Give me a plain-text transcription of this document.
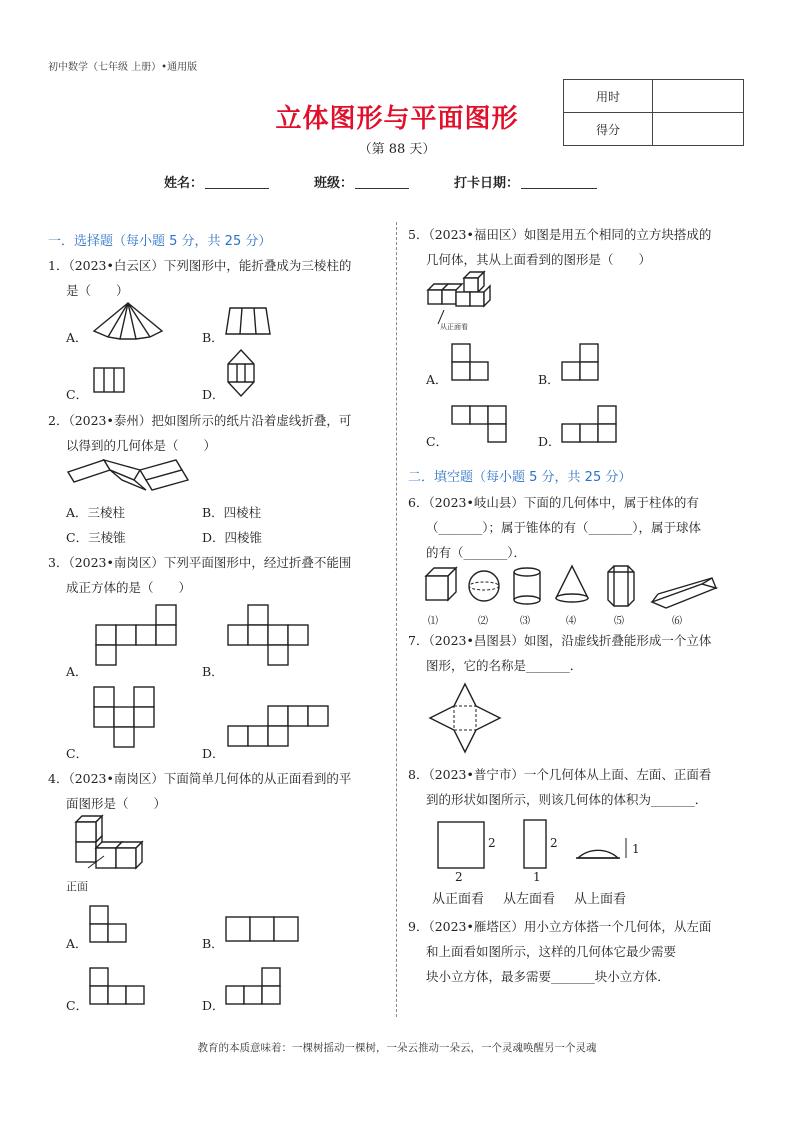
初中数学（七年级 上册）•通用版
立体图形与平面图形
（第 88 天）
用时	
得分	
姓名：	班级：	打卡日期：
一．选择题（每小题 5 分，共 25 分）
1．（2023•白云区）下列图形中，能折叠成为三棱柱的
是（　　）
A．	B．
C．	D．
2．（2023•泰州）把如图所示的纸片沿着虚线折叠，可
以得到的几何体是（　　）
A．三棱柱	B．四棱柱
C．三棱锥	D．四棱锥
3．（2023•南岗区）下列平面图形中，经过折叠不能围
成正方体的是（　　）
A．	B．
C．	D．
4．（2023•南岗区）下面简单几何体的从正面看到的平
面图形是（　　）
正面
A．	B．
C．	D．
5．（2023•福田区）如图是用五个相同的立方块搭成的
几何体，其从上面看到的图形是（　　）
从正面看
A．	B．
C．	D．
二．填空题（每小题 5 分，共 25 分）
6．（2023•岐山县）下面的几何体中，属于柱体的有
（_______）；属于锥体的有（_______），属于球体
的有（_______）．
⑴	⑵	⑶	⑷	⑸	⑹
7．（2023•昌图县）如图，沿虚线折叠能形成一个立体
图形，它的名称是_______．
8．（2023•普宁市）一个几何体从上面、左面、正面看
到的形状如图所示，则该几何体的体积为_______．
2
2
2
1
1
从正面看 从左面看 从上面看
9．（2023•雁塔区）用小立方体搭一个几何体，从左面
和上面看如图所示，这样的几何体它最少需要
块小立方体，最多需要_______块小立方体．
教育的本质意味着：一棵树摇动一棵树，一朵云推动一朵云，一个灵魂唤醒另一个灵魂
